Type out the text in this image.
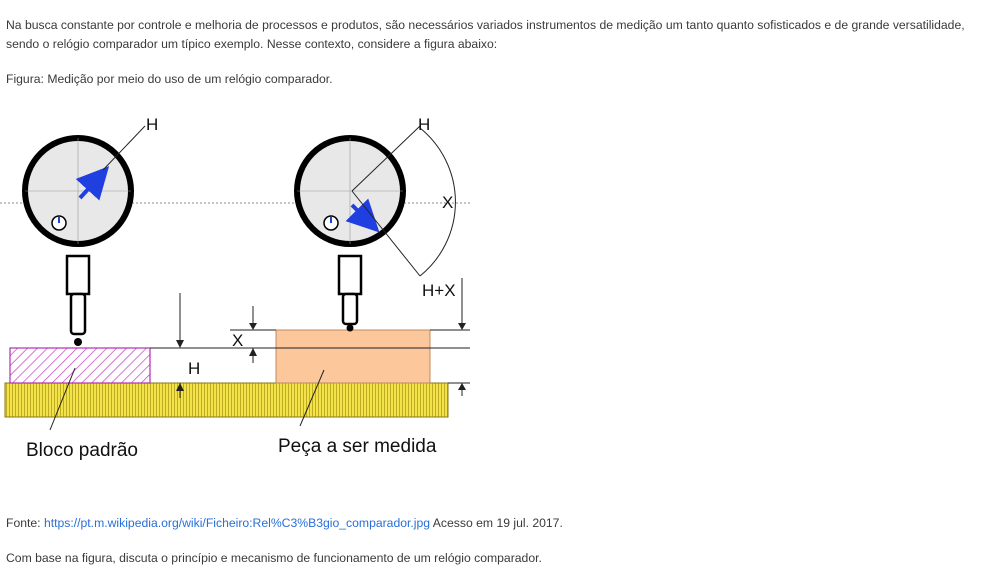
Na busca constante por controle e melhoria de processos e produtos, são necessários variados instrumentos de medição um tanto quanto sofisticados e de grande versatilidade, sendo o relógio comparador um típico exemplo. Nesse contexto, considere a figura abaixo:

Figura: Medição por meio do uso de um relógio comparador.

H
X
H+X
H	H
X
Bloco padrão	Peça a ser medida

Fonte: https://pt.m.wikipedia.org/wiki/Ficheiro:Rel%C3%B3gio_comparador.jpg Acesso em 19 jul. 2017.

Com base na figura, discuta o princípio e mecanismo de funcionamento de um relógio comparador.
